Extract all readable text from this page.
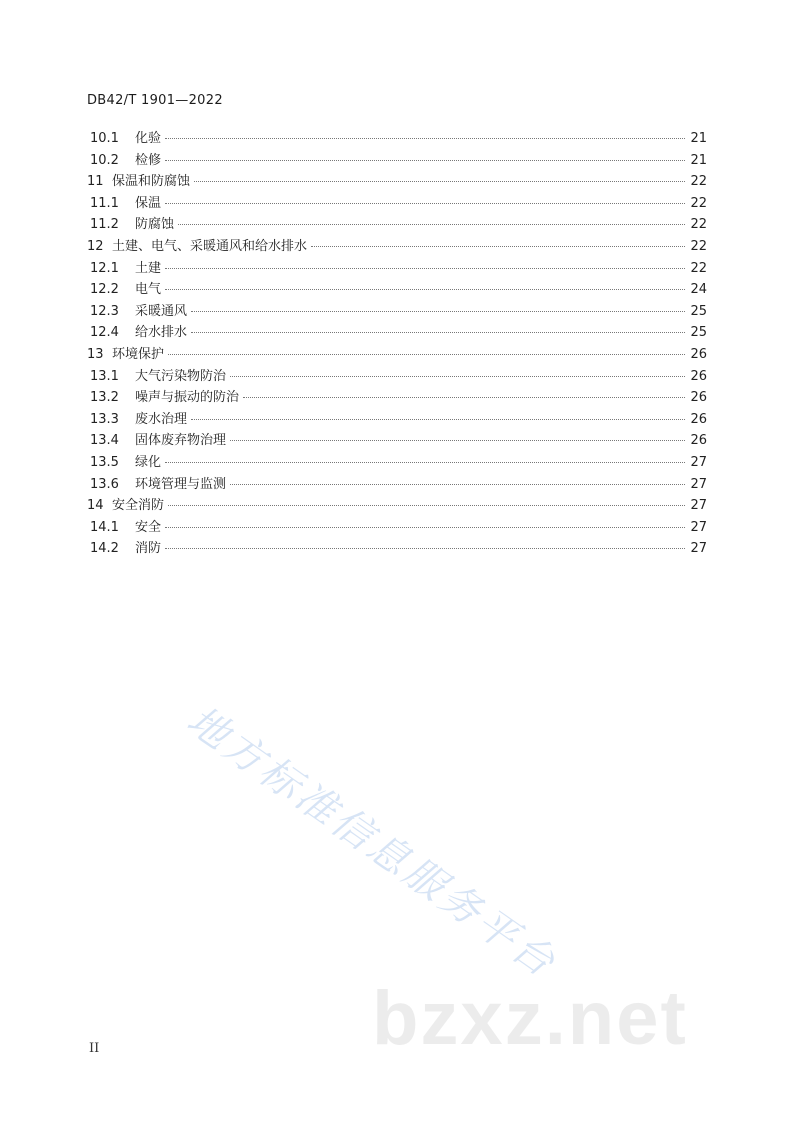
DB42/T 1901—2022
10.1	化验	21
10.2	检修	21
11 保温和防腐蚀	22
11.1	保温	22
11.2	防腐蚀	22
12 土建、电气、采暖通风和给水排水	22
12.1	土建	22
12.2	电气	24
12.3	采暖通风	25
12.4	给水排水	25
13 环境保护	26
13.1	大气污染物防治	26
13.2	噪声与振动的防治	26
13.3	废水治理	26
13.4	固体废弃物治理	26
13.5	绿化	27
13.6	环境管理与监测	27
14 安全消防	27
14.1	安全	27
14.2	消防	27
II
地方标准信息服务平台
bzxz.net
